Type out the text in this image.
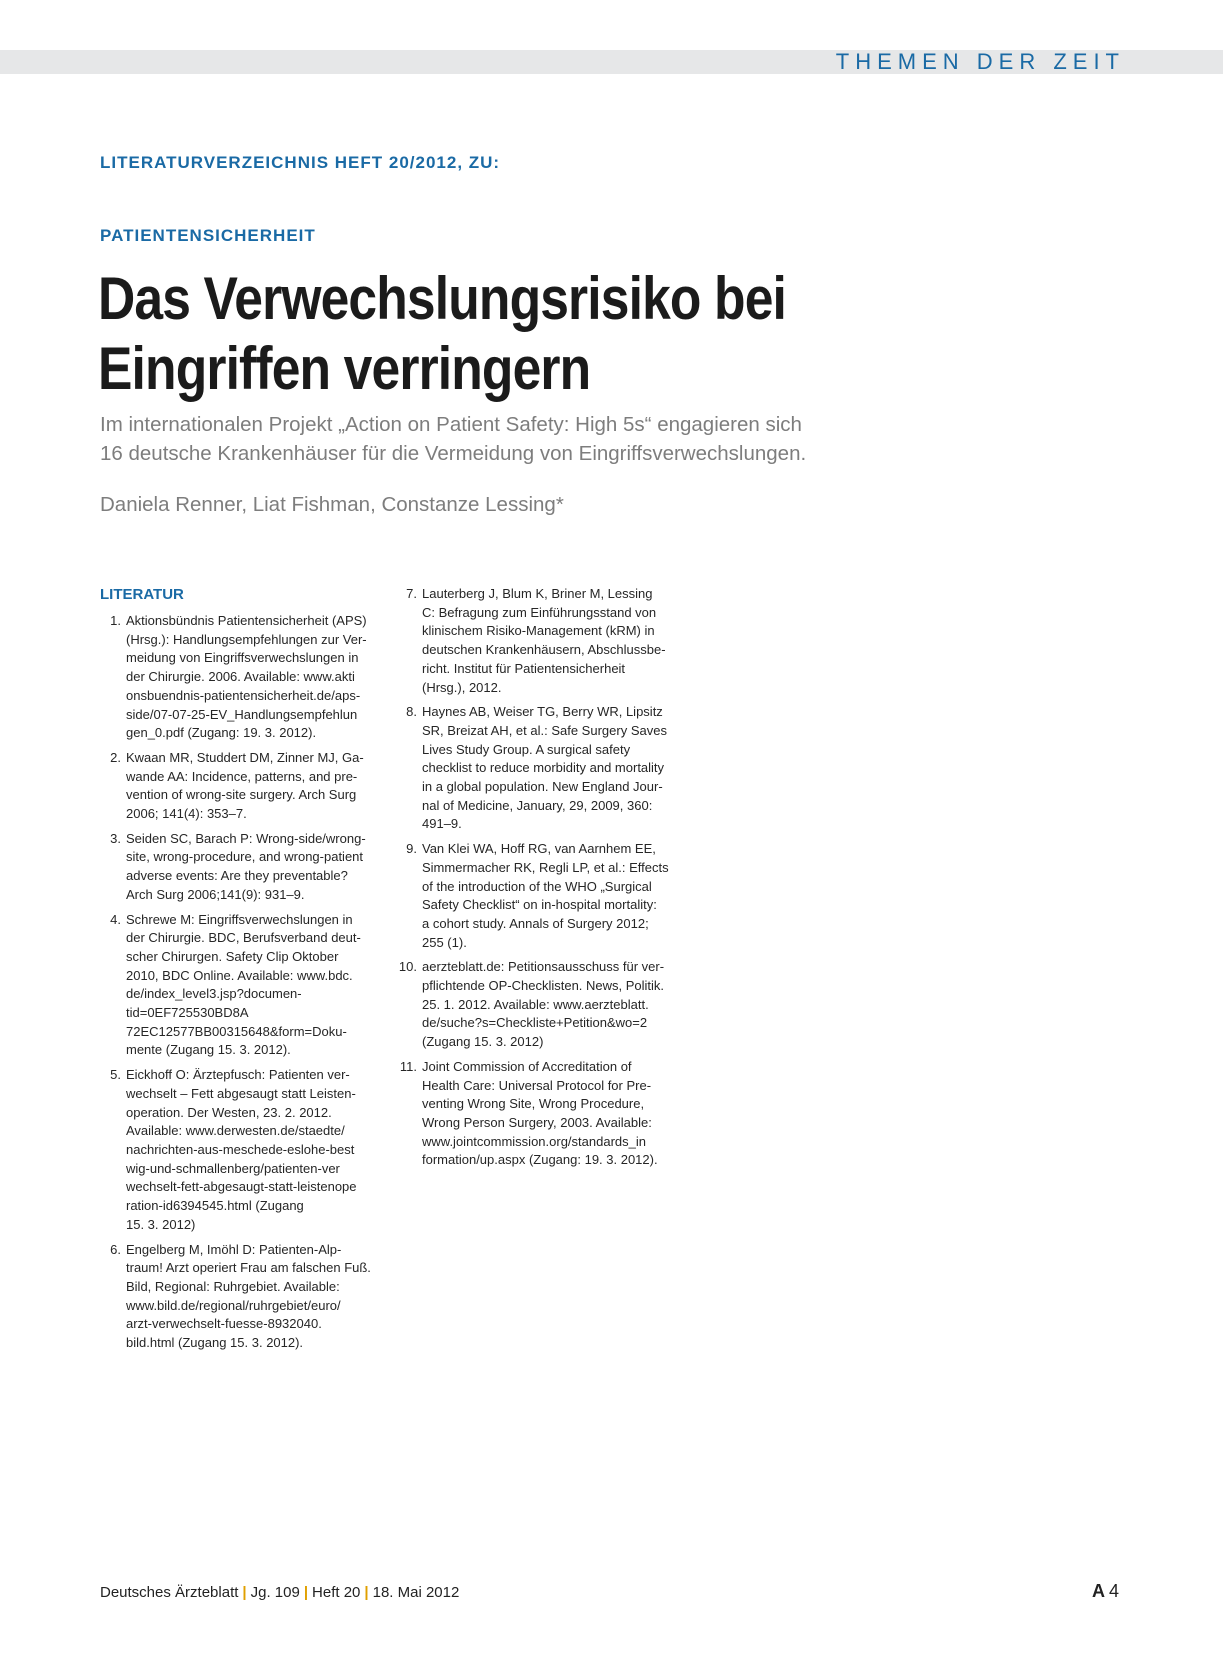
THEMEN DER ZEIT
LITERATURVERZEICHNIS HEFT 20/2012, ZU:
PATIENTENSICHERHEIT
Das Verwechslungsrisiko bei
Eingriffen verringern
Im internationalen Projekt „Action on Patient Safety: High 5s“ engagieren sich
16 deutsche Krankenhäuser für die Vermeidung von Eingriffsverwechslungen.
Daniela Renner, Liat Fishman, Constanze Lessing*
LITERATUR
1. Aktionsbündnis Patientensicherheit (APS)
(Hrsg.): Handlungsempfehlungen zur Ver-
meidung von Eingriffsverwechslungen in
der Chirurgie. 2006. Available: www.akti
onsbuendnis-patientensicherheit.de/aps-
side/07-07-25-EV_Handlungsempfehlun
gen_0.pdf (Zugang: 19. 3. 2012).
2. Kwaan MR, Studdert DM, Zinner MJ, Ga-
wande AA: Incidence, patterns, and pre-
vention of wrong-site surgery. Arch Surg
2006; 141(4): 353–7.
3. Seiden SC, Barach P: Wrong-side/wrong-
site, wrong-procedure, and wrong-patient
adverse events: Are they preventable?
Arch Surg 2006;141(9): 931–9.
4. Schrewe M: Eingriffsverwechslungen in
der Chirurgie. BDC, Berufsverband deut-
scher Chirurgen. Safety Clip Oktober
2010, BDC Online. Available: www.bdc.
de/index_level3.jsp?documen-
tid=0EF725530BD8A
72EC12577BB00315648&form=Doku-
mente (Zugang 15. 3. 2012).
5. Eickhoff O: Ärztepfusch: Patienten ver-
wechselt – Fett abgesaugt statt Leisten-
operation. Der Westen, 23. 2. 2012.
Available: www.derwesten.de/staedte/
nachrichten-aus-meschede-eslohe-best
wig-und-schmallenberg/patienten-ver
wechselt-fett-abgesaugt-statt-leistenope
ration-id6394545.html (Zugang
15. 3. 2012)
6. Engelberg M, Imöhl D: Patienten-Alp-
traum! Arzt operiert Frau am falschen Fuß.
Bild, Regional: Ruhrgebiet. Available:
www.bild.de/regional/ruhrgebiet/euro/
arzt-verwechselt-fuesse-8932040.
bild.html (Zugang 15. 3. 2012).
7. Lauterberg J, Blum K, Briner M, Lessing
C: Befragung zum Einführungsstand von
klinischem Risiko-Management (kRM) in
deutschen Krankenhäusern, Abschlussbe-
richt. Institut für Patientensicherheit
(Hrsg.), 2012.
8. Haynes AB, Weiser TG, Berry WR, Lipsitz
SR, Breizat AH, et al.: Safe Surgery Saves
Lives Study Group. A surgical safety
checklist to reduce morbidity and mortality
in a global population. New England Jour-
nal of Medicine, January, 29, 2009, 360:
491–9.
9. Van Klei WA, Hoff RG, van Aarnhem EE,
Simmermacher RK, Regli LP, et al.: Effects
of the introduction of the WHO „Surgical
Safety Checklist“ on in-hospital mortality:
a cohort study. Annals of Surgery 2012;
255 (1).
10. aerzteblatt.de: Petitionsausschuss für ver-
pflichtende OP-Checklisten. News, Politik.
25. 1. 2012. Available: www.aerzteblatt.
de/suche?s=Checkliste+Petition&wo=2
(Zugang 15. 3. 2012)
11. Joint Commission of Accreditation of
Health Care: Universal Protocol for Pre-
venting Wrong Site, Wrong Procedure,
Wrong Person Surgery, 2003. Available:
www.jointcommission.org/standards_in
formation/up.aspx (Zugang: 19. 3. 2012).
Deutsches Ärzteblatt | Jg. 109 | Heft 20 | 18. Mai 2012	A 4
